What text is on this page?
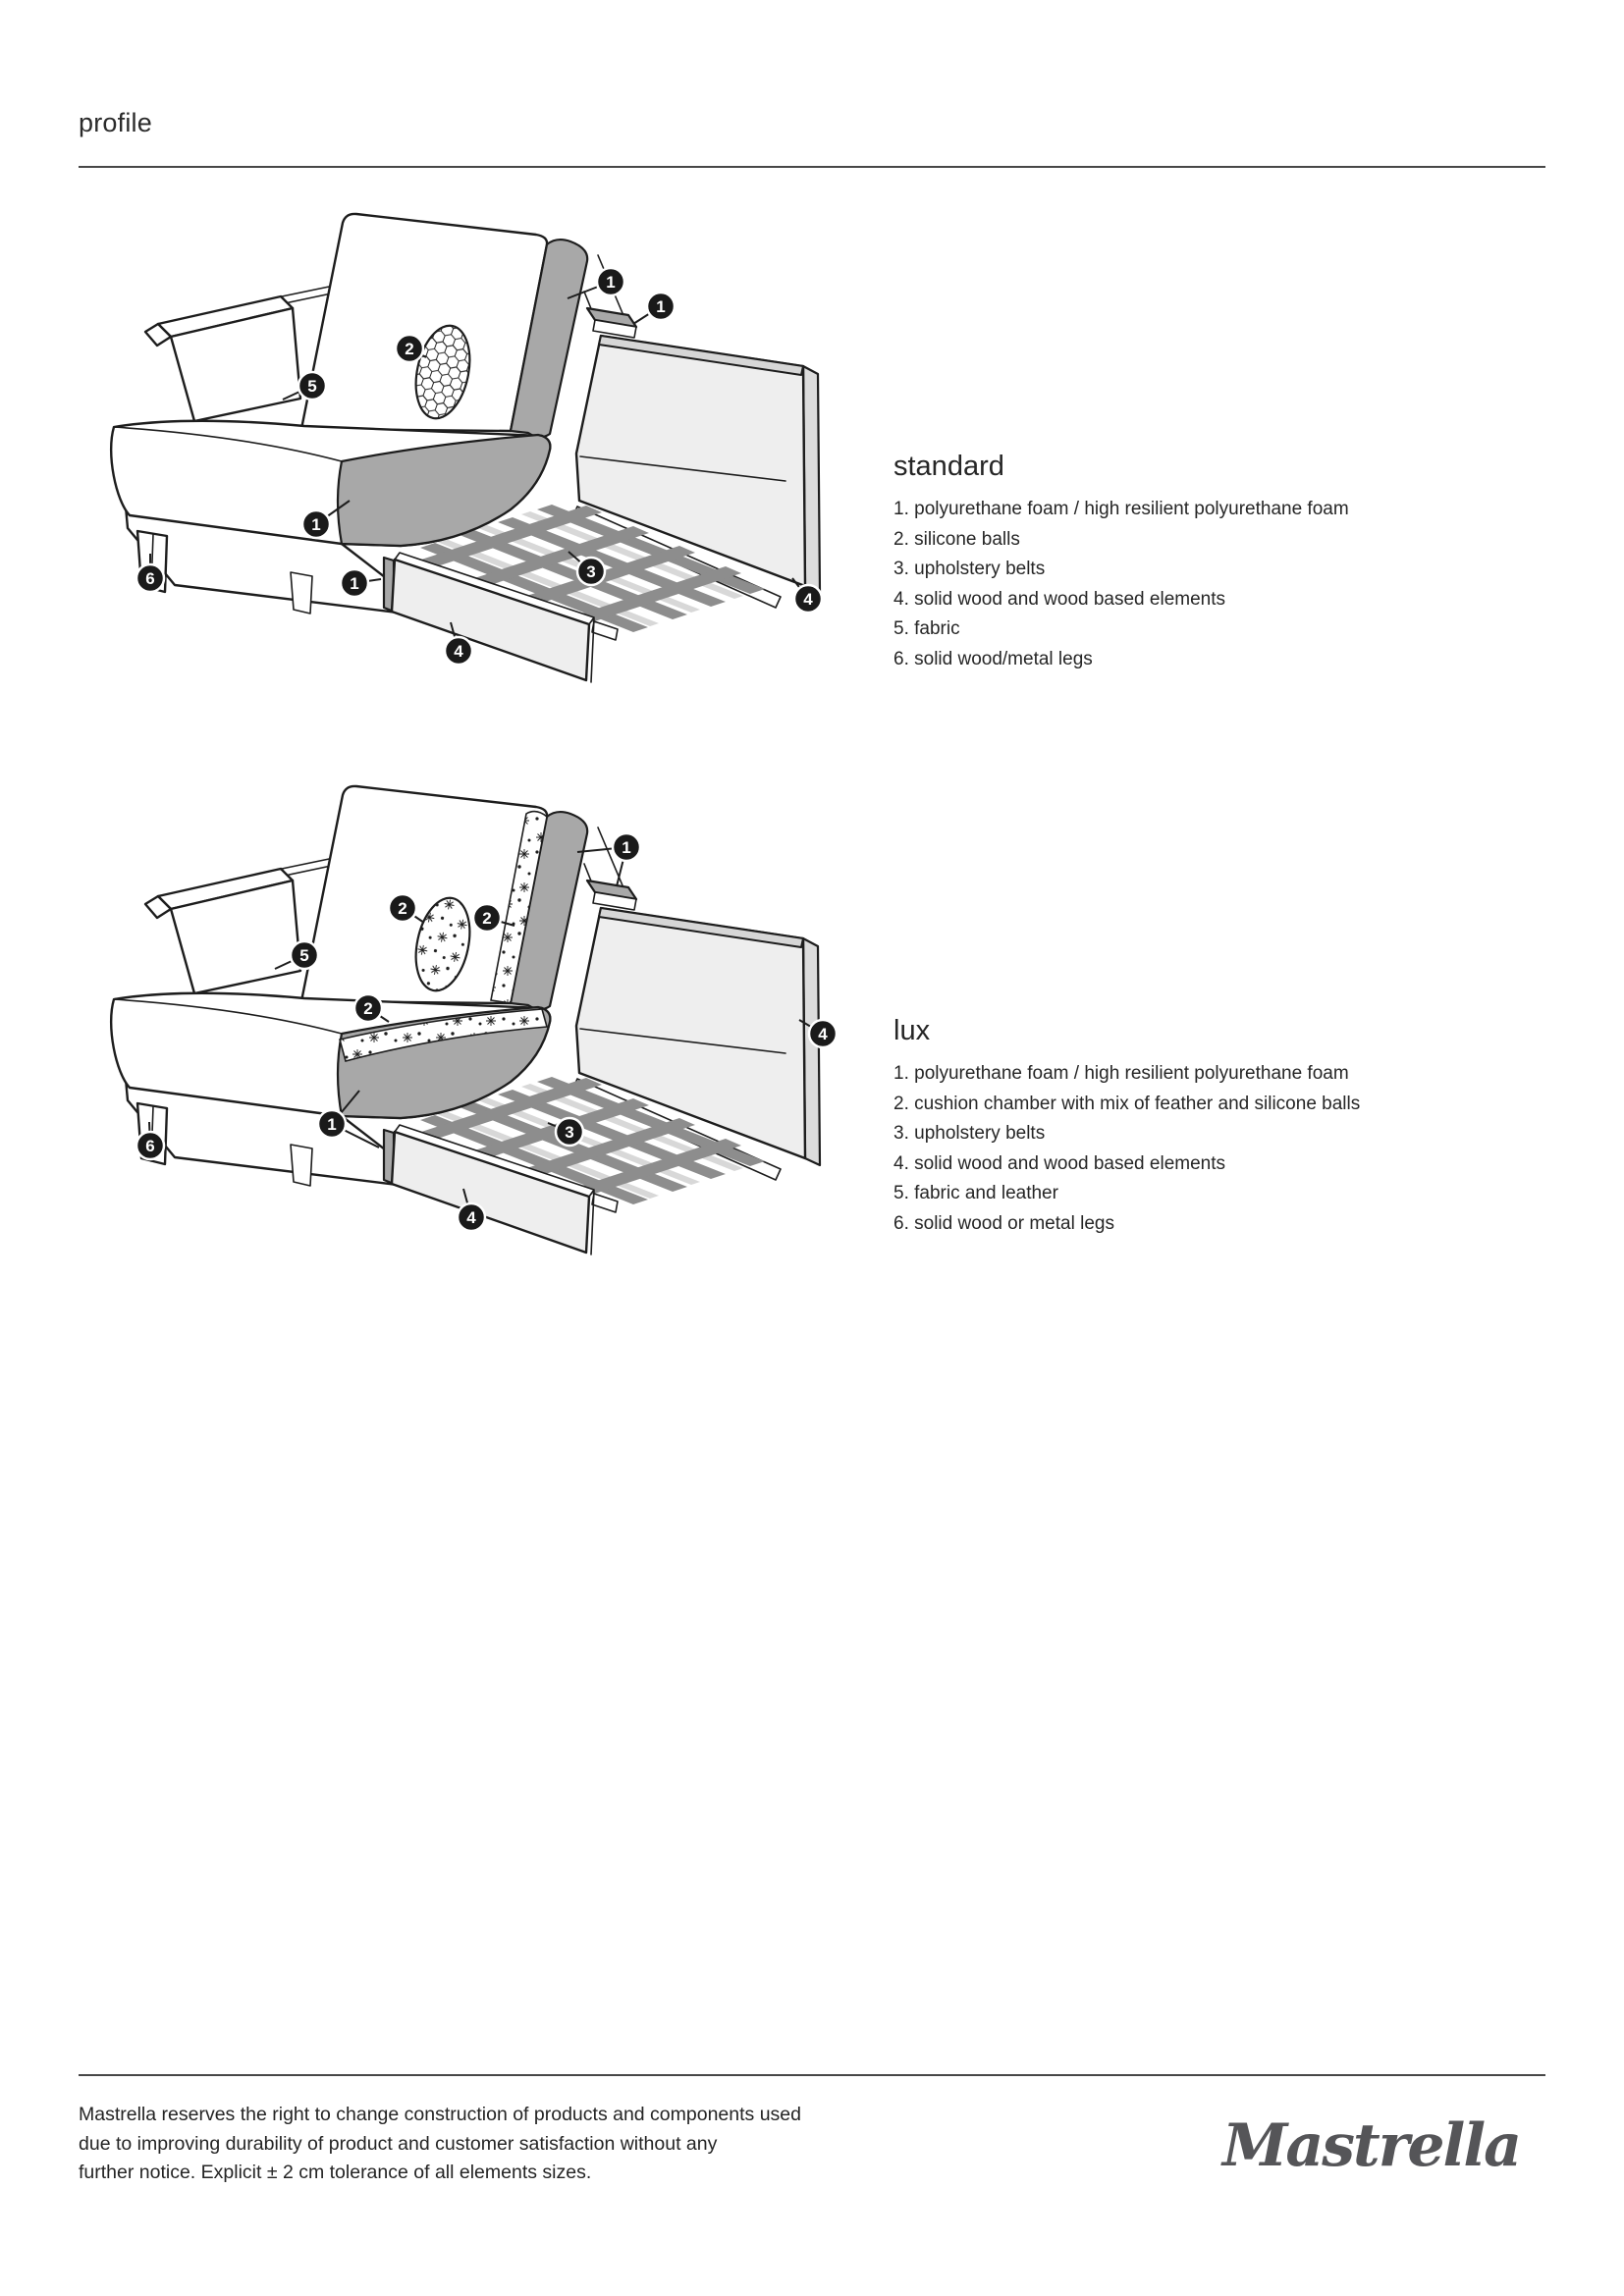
profile
1
1
2
5
1
6	1
3
4
4
standard
1. polyurethane foam / high resilient polyurethane foam
2. silicone balls
3. upholstery belts
4. solid wood and wood based elements
5. fabric
6. solid wood/metal legs
1
2
2
5
2
1
6
3
4
4
lux
1. polyurethane foam / high resilient polyurethane foam
2. cushion chamber with mix of feather and silicone balls
3. upholstery belts
4. solid wood and wood based elements
5. fabric and leather
6. solid wood or metal legs
Mastrella reserves the right to change construction of products and components used
due to improving durability of product and customer satisfaction without any
further notice. Explicit ± 2 cm tolerance of all elements sizes.	Mastrella
